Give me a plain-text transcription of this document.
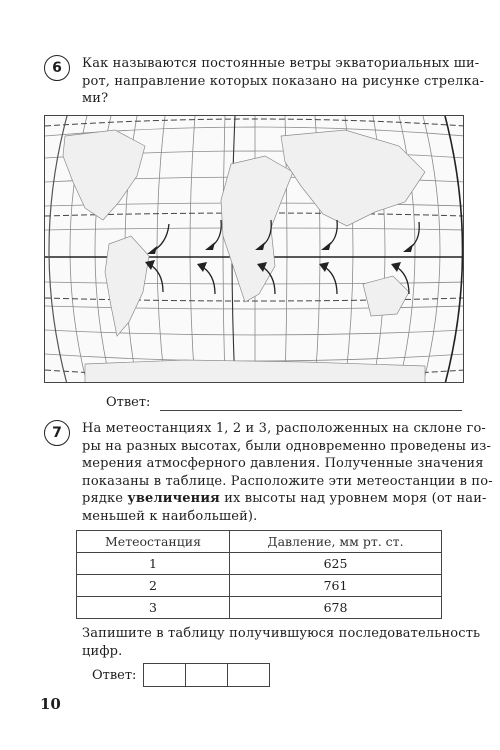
6	Как называются постоянные ветры экваториальных ши-
рот, направление которых показано на рисунке стрелка-
ми?
Ответ:
7	На метеостанциях 1, 2 и 3, расположенных на склоне го-
ры на разных высотах, были одновременно проведены из-
мерения атмосферного давления. Полученные значения
показаны в таблице. Расположите эти метеостанции в по-
рядке увеличения их высоты над уровнем моря (от наи-
меньшей к наибольшей).
Метеостанция	Давление, мм рт. ст.
1	625
2	761
3	678
Запишите в таблицу получившуюся последовательность
цифр.
Ответ:
10
